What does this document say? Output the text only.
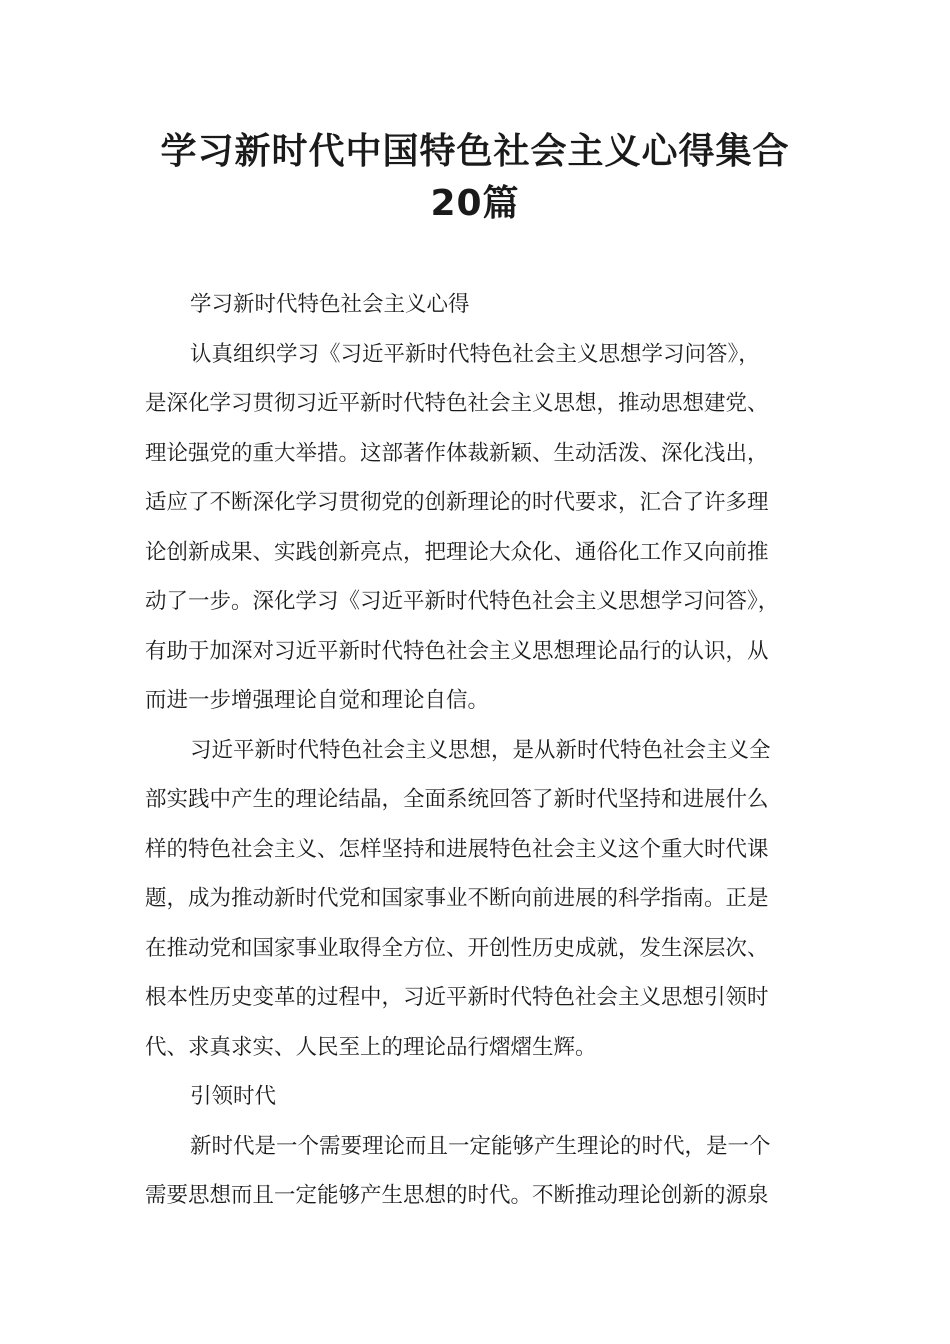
学习新时代中国特色社会主义心得集合
20篇

学习新时代特色社会主义心得

认真组织学习《习近平新时代特色社会主义思想学习问答》，
是深化学习贯彻习近平新时代特色社会主义思想，推动思想建党、
理论强党的重大举措。这部著作体裁新颖、生动活泼、深化浅出，
适应了不断深化学习贯彻党的创新理论的时代要求，汇合了许多理
论创新成果、实践创新亮点，把理论大众化、通俗化工作又向前推
动了一步。深化学习《习近平新时代特色社会主义思想学习问答》，
有助于加深对习近平新时代特色社会主义思想理论品行的认识，从
而进一步增强理论自觉和理论自信。

习近平新时代特色社会主义思想，是从新时代特色社会主义全
部实践中产生的理论结晶，全面系统回答了新时代坚持和进展什么
样的特色社会主义、怎样坚持和进展特色社会主义这个重大时代课
题，成为推动新时代党和国家事业不断向前进展的科学指南。正是
在推动党和国家事业取得全方位、开创性历史成就，发生深层次、
根本性历史变革的过程中，习近平新时代特色社会主义思想引领时
代、求真求实、人民至上的理论品行熠熠生辉。

引领时代

新时代是一个需要理论而且一定能够产生理论的时代，是一个
需要思想而且一定能够产生思想的时代。不断推动理论创新的源泉
